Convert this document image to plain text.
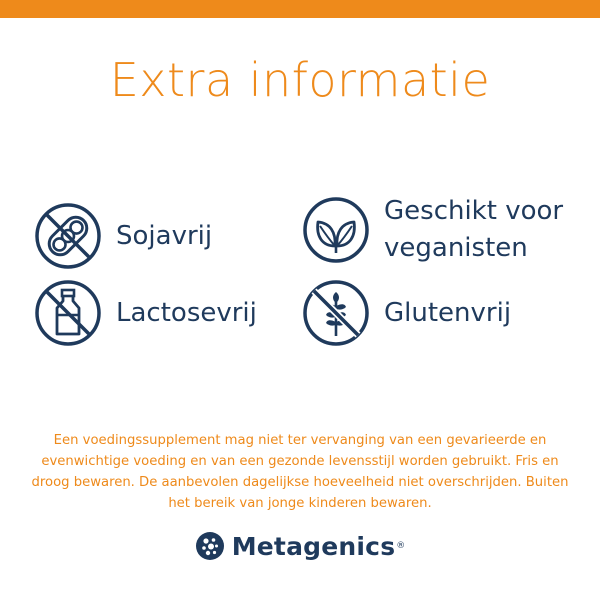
Extra informatie
Sojavrij
Lactosevrij
Geschikt voor
veganisten
Glutenvrij
Een voedingssupplement mag niet ter vervanging van een gevarieerde en evenwichtige voeding en van een gezonde levensstijl worden gebruikt. Fris en droog bewaren. De aanbevolen dagelijkse hoeveelheid niet overschrijden. Buiten het bereik van jonge kinderen bewaren.
Metagenics ®
